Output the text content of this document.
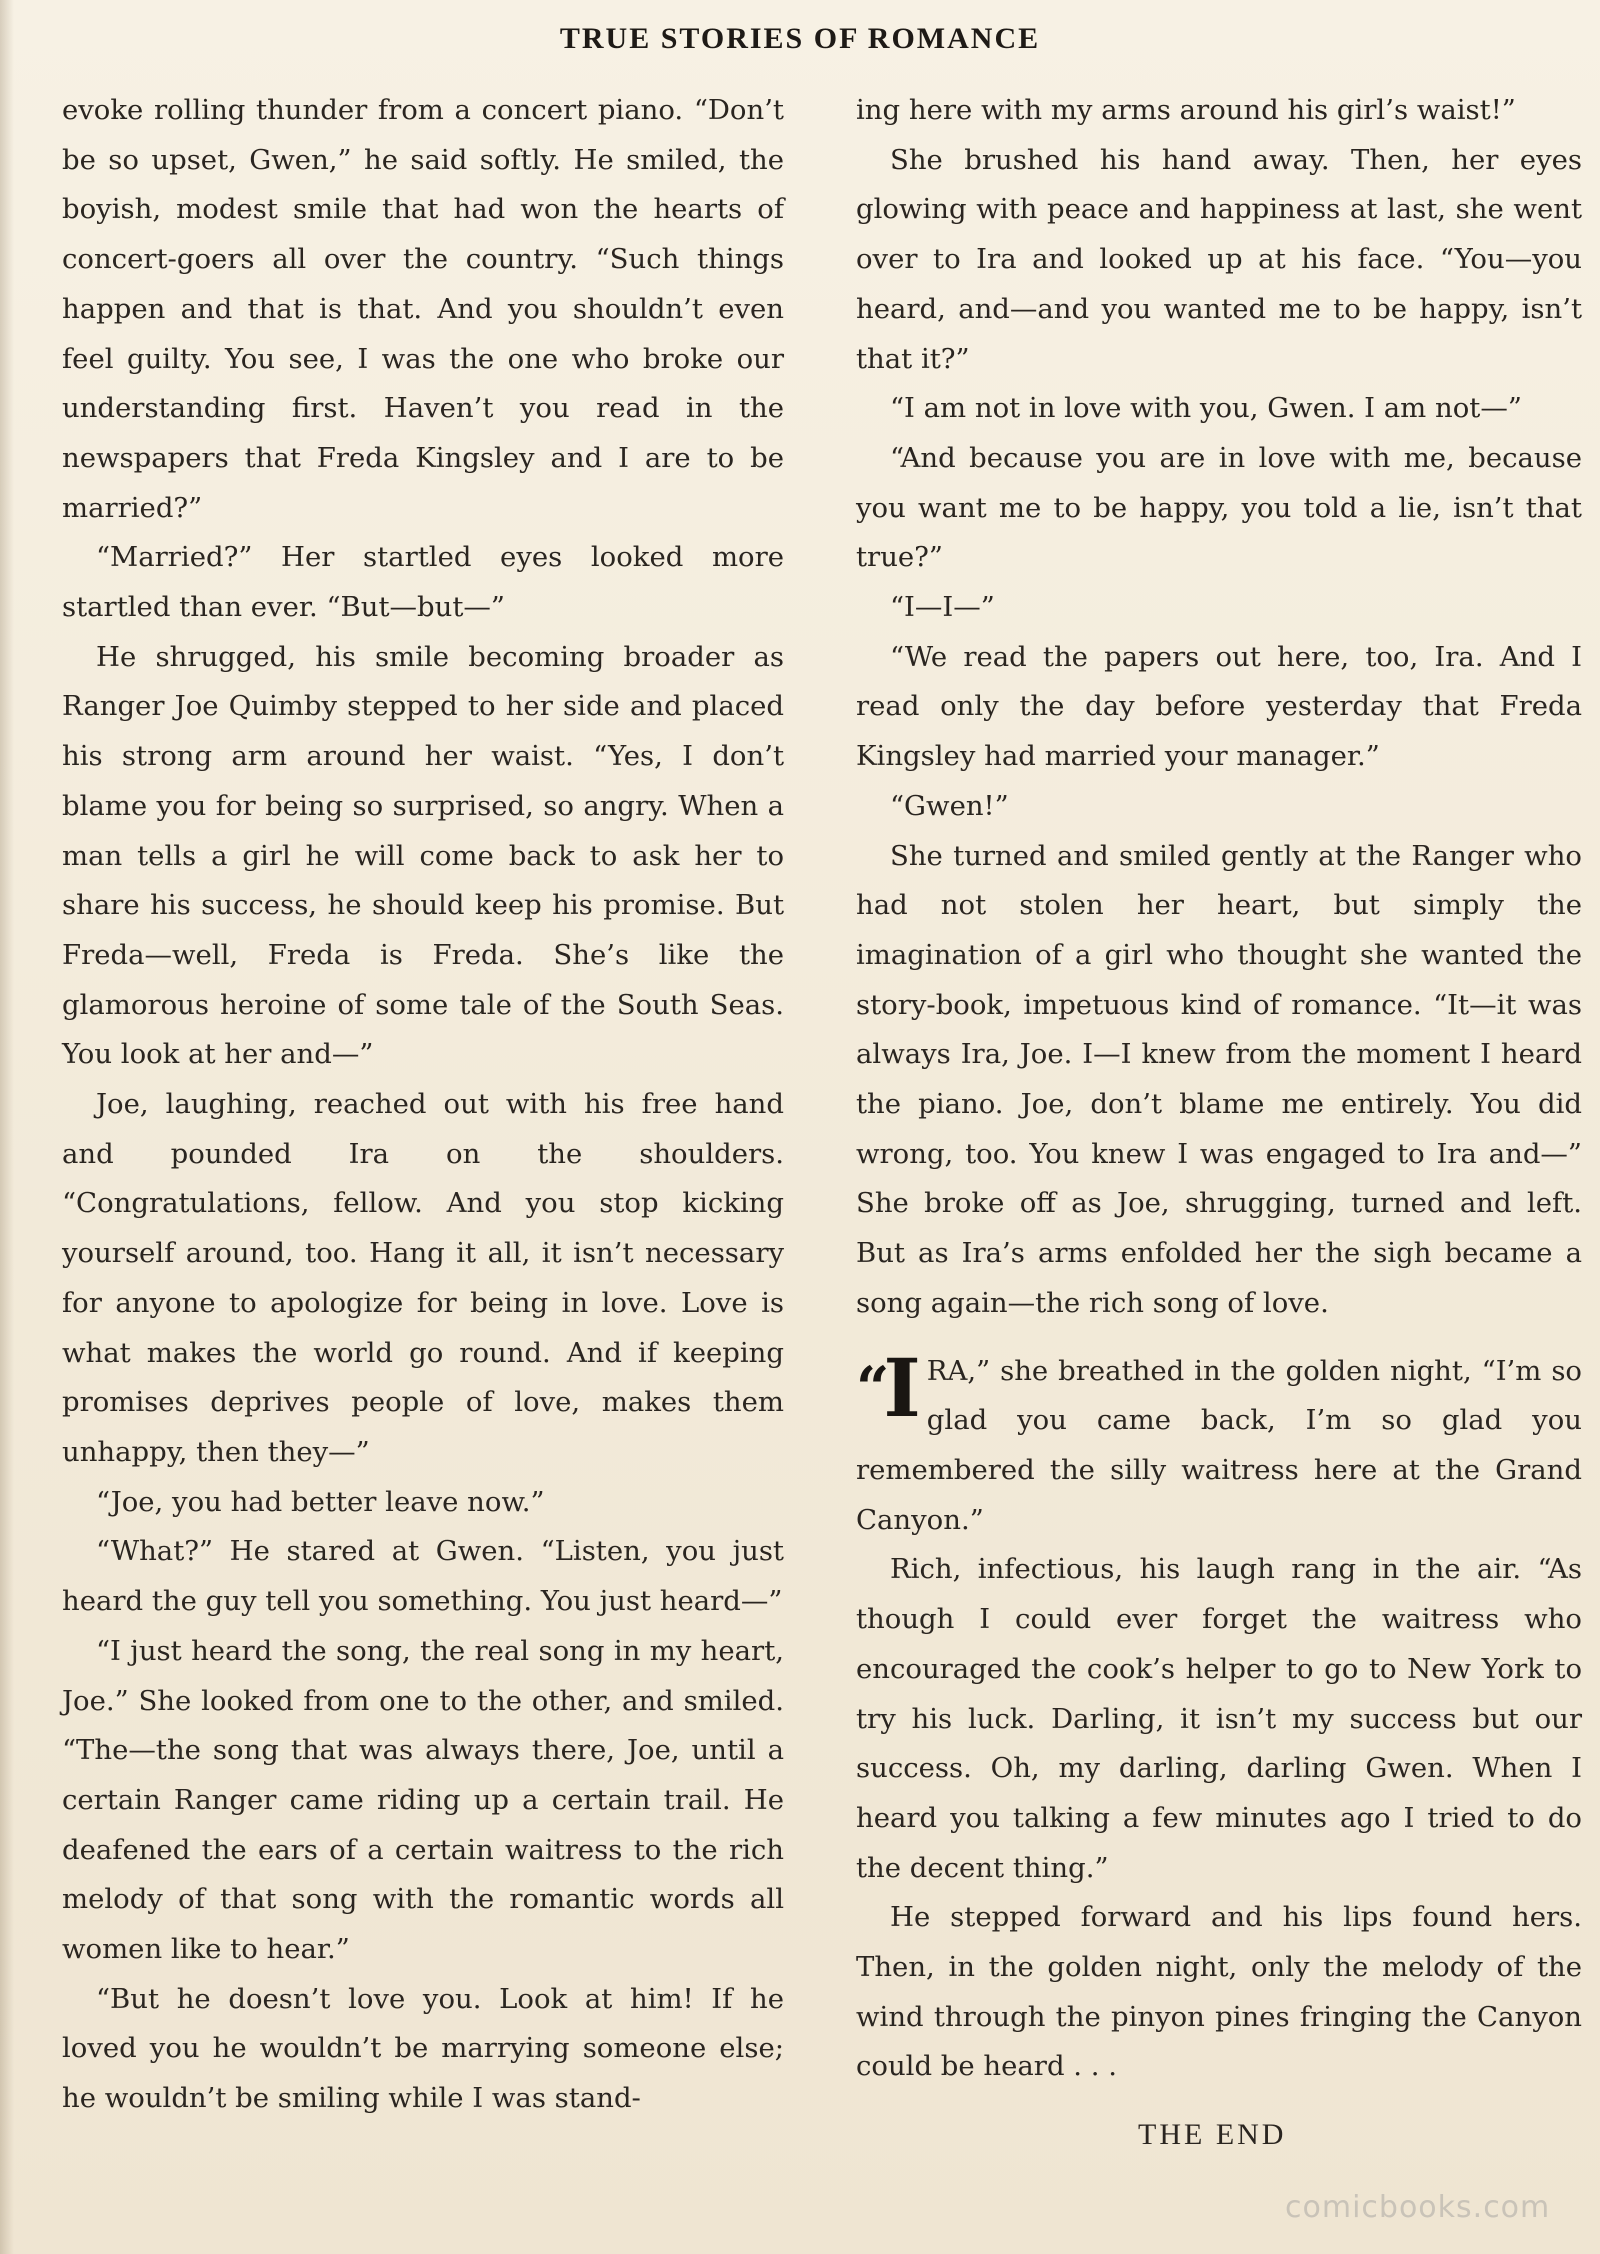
TRUE STORIES OF ROMANCE

evoke rolling thunder from a concert piano. “Don’t be so upset, Gwen,” he said softly. He smiled, the boyish, modest smile that had won the hearts of concert-goers all over the country. “Such things happen and that is that. And you shouldn’t even feel guilty. You see, I was the one who broke our understanding first. Haven’t you read in the newspapers that Freda Kingsley and I are to be married?”

“Married?” Her startled eyes looked more startled than ever. “But—but—”

He shrugged, his smile becoming broader as Ranger Joe Quimby stepped to her side and placed his strong arm around her waist. “Yes, I don’t blame you for being so surprised, so angry. When a man tells a girl he will come back to ask her to share his success, he should keep his promise. But Freda—well, Freda is Freda. She’s like the glamorous heroine of some tale of the South Seas. You look at her and—”

Joe, laughing, reached out with his free hand and pounded Ira on the shoulders. “Congratulations, fellow. And you stop kicking yourself around, too. Hang it all, it isn’t necessary for anyone to apologize for being in love. Love is what makes the world go round. And if keeping promises deprives people of love, makes them unhappy, then they—”

“Joe, you had better leave now.”

“What?” He stared at Gwen. “Listen, you just heard the guy tell you something. You just heard—”

“I just heard the song, the real song in my heart, Joe.” She looked from one to the other, and smiled. “The—the song that was always there, Joe, until a certain Ranger came riding up a certain trail. He deafened the ears of a certain waitress to the rich melody of that song with the romantic words all women like to hear.”

“But he doesn’t love you. Look at him! If he loved you he wouldn’t be marrying someone else; he wouldn’t be smiling while I was stand-

ing here with my arms around his girl’s waist!”

She brushed his hand away. Then, her eyes glowing with peace and happiness at last, she went over to Ira and looked up at his face. “You—you heard, and—and you wanted me to be happy, isn’t that it?”

“I am not in love with you, Gwen. I am not—”

“And because you are in love with me, because you want me to be happy, you told a lie, isn’t that true?”

“I—I—”

“We read the papers out here, too, Ira. And I read only the day before yesterday that Freda Kingsley had married your manager.”

“Gwen!”

She turned and smiled gently at the Ranger who had not stolen her heart, but simply the imagination of a girl who thought she wanted the story-book, impetuous kind of romance. “It—it was always Ira, Joe. I—I knew from the moment I heard the piano. Joe, don’t blame me entirely. You did wrong, too. You knew I was engaged to Ira and—” She broke off as Joe, shrugging, turned and left. But as Ira’s arms enfolded her the sigh became a song again—the rich song of love.

“I RA,” she breathed in the golden night, “I’m so glad you came back, I’m so glad you remembered the silly waitress here at the Grand Canyon.”

Rich, infectious, his laugh rang in the air. “As though I could ever forget the waitress who encouraged the cook’s helper to go to New York to try his luck. Darling, it isn’t my success but our success. Oh, my darling, darling Gwen. When I heard you talking a few minutes ago I tried to do the decent thing.”

He stepped forward and his lips found hers. Then, in the golden night, only the melody of the wind through the pinyon pines fringing the Canyon could be heard . . .

THE END
comicbooks.com
